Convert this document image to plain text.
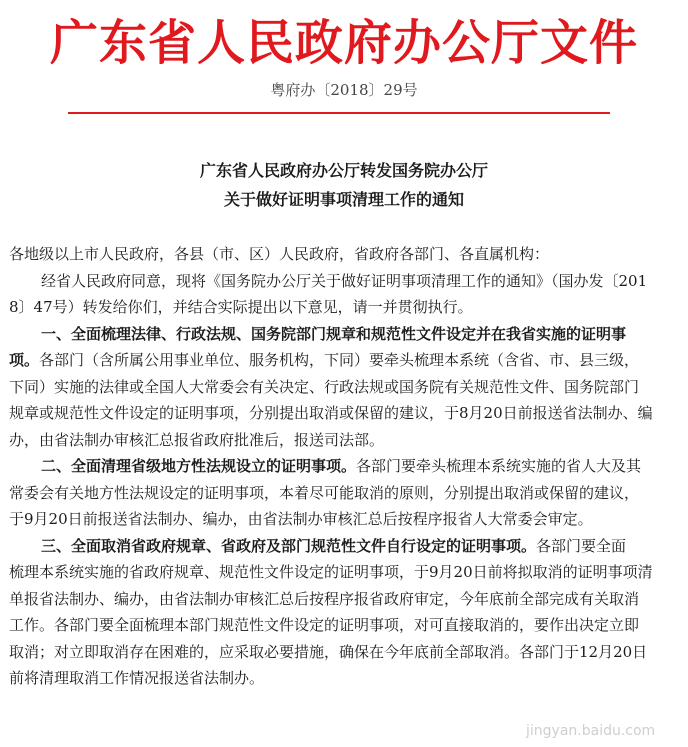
广东省人民政府办公厅文件
粤府办〔2018〕29号
广东省人民政府办公厅转发国务院办公厅
关于做好证明事项清理工作的通知
各地级以上市人民政府，各县（市、区）人民政府，省政府各部门、各直属机构：
经省人民政府同意，现将《国务院办公厅关于做好证明事项清理工作的通知》（国办发〔201
8〕47号）转发给你们，并结合实际提出以下意见，请一并贯彻执行。
一、全面梳理法律、行政法规、国务院部门规章和规范性文件设定并在我省实施的证明事
项。各部门（含所属公用事业单位、服务机构，下同）要牵头梳理本系统（含省、市、县三级，
下同）实施的法律或全国人大常委会有关决定、行政法规或国务院有关规范性文件、国务院部门
规章或规范性文件设定的证明事项，分别提出取消或保留的建议，于8月20日前报送省法制办、编
办，由省法制办审核汇总报省政府批准后，报送司法部。
二、全面清理省级地方性法规设立的证明事项。各部门要牵头梳理本系统实施的省人大及其
常委会有关地方性法规设定的证明事项，本着尽可能取消的原则，分别提出取消或保留的建议，
于9月20日前报送省法制办、编办，由省法制办审核汇总后按程序报省人大常委会审定。
三、全面取消省政府规章、省政府及部门规范性文件自行设定的证明事项。各部门要全面
梳理本系统实施的省政府规章、规范性文件设定的证明事项，于9月20日前将拟取消的证明事项清
单报省法制办、编办，由省法制办审核汇总后按程序报省政府审定，今年底前全部完成有关取消
工作。各部门要全面梳理本部门规范性文件设定的证明事项，对可直接取消的，要作出决定立即
取消；对立即取消存在困难的，应采取必要措施，确保在今年底前全部取消。各部门于12月20日
前将清理取消工作情况报送省法制办。
jingyan.baidu.com
